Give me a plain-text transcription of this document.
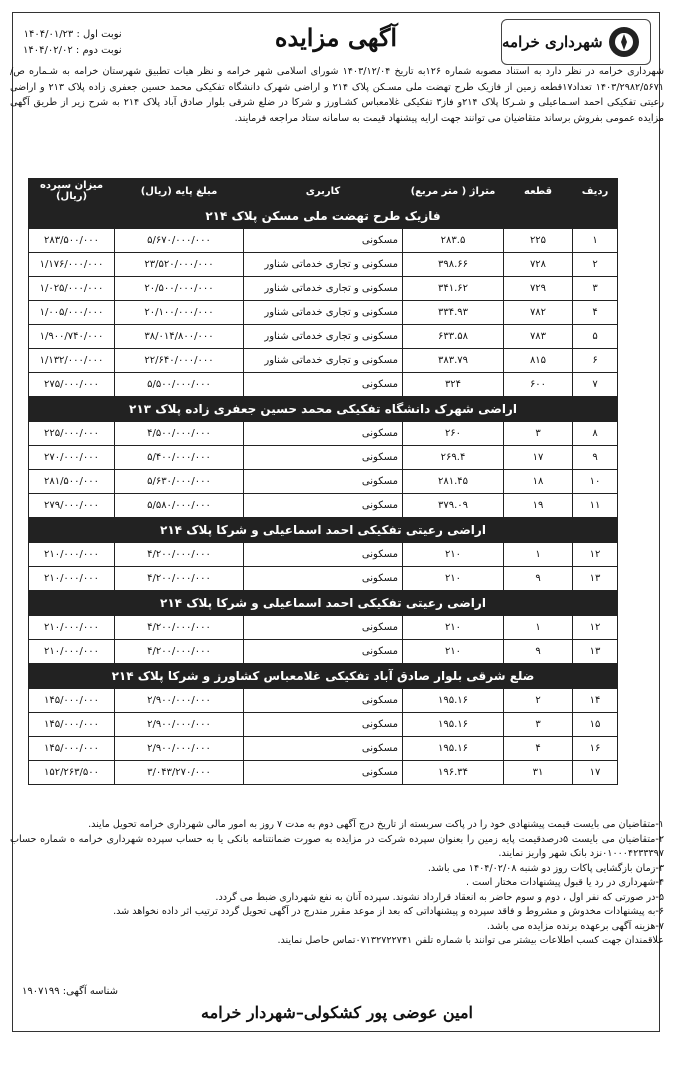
نوبت اول : ۱۴۰۴/۰۱/۲۳
نوبت دوم : ۱۴۰۴/۰۲/۰۲	آگهی مزایده	شهرداری خرامه
شهرداری خرامه در نظر دارد به استناد مصوبه شماره ۱۲۶به تاریخ ۱۴۰۳/۱۲/۰۴ شورای اسلامی شهر خرامه و نظر هیات تطبیق شهرستان خرامه به شـماره ص/۱۴۰۳/۲۹۸۲/۵۶۷۱ تعداد۱۷قطعه زمین از فازیک طرح تهضت ملی مسـکن پلاک ۲۱۴ و اراضی شهرک دانشگاه تفکیکی محمد حسین جعفری زاده پلاک ۲۱۳ و اراضی رعیتی تفکیکی احمد اسـماعیلی و شـرکا پلاک ۲۱۴و فاز۳ تفکیکی غلامعباس کشـاورز و شرکا در ضلع شرقی بلوار صادق آباد پلاک ۲۱۴ به شرح زیر از طریق آگهی مزایده عمومی بفروش برساند متقاضیان می توانند جهت ارایه پیشنهاد قیمت به سامانه ستاد مراجعه فرمایند.
ردیف	قطعه	متراژ ( متر مربع)	کاربری	مبلغ پایه (ریال)	میزان سپرده (ریال)
فازیک طرح تهضت ملی مسکن پلاک ۲۱۴					
۱	۲۲۵	۲۸۳.۵	مسکونی	۵/۶۷۰/۰۰۰/۰۰۰	۲۸۳/۵۰۰/۰۰۰
۲	۷۲۸	۳۹۸.۶۶	مسکونی و تجاری خدماتی شناور	۲۳/۵۲۰/۰۰۰/۰۰۰	۱/۱۷۶/۰۰۰/۰۰۰
۳	۷۲۹	۳۴۱.۶۲	مسکونی و تجاری خدماتی شناور	۲۰/۵۰۰/۰۰۰/۰۰۰	۱/۰۲۵/۰۰۰/۰۰۰
۴	۷۸۲	۳۳۴.۹۳	مسکونی و تجاری خدماتی شناور	۲۰/۱۰۰/۰۰۰/۰۰۰	۱/۰۰۵/۰۰۰/۰۰۰
۵	۷۸۳	۶۳۳.۵۸	مسکونی و تجاری خدماتی شناور	۳۸/۰۱۴/۸۰۰/۰۰۰	۱/۹۰۰/۷۴۰/۰۰۰
۶	۸۱۵	۳۸۳.۷۹	مسکونی و تجاری خدماتی شناور	۲۲/۶۴۰/۰۰۰/۰۰۰	۱/۱۳۲/۰۰۰/۰۰۰
۷	۶۰۰	۳۲۴	مسکونی	۵/۵۰۰/۰۰۰/۰۰۰	۲۷۵/۰۰۰/۰۰۰
اراضی شهرک دانشگاه تفکیکی محمد حسین جعفری زاده پلاک ۲۱۳					
۸	۳	۲۶۰	مسکونی	۴/۵۰۰/۰۰۰/۰۰۰	۲۲۵/۰۰۰/۰۰۰
۹	۱۷	۲۶۹.۴	مسکونی	۵/۴۰۰/۰۰۰/۰۰۰	۲۷۰/۰۰۰/۰۰۰
۱۰	۱۸	۲۸۱.۴۵	مسکونی	۵/۶۳۰/۰۰۰/۰۰۰	۲۸۱/۵۰۰/۰۰۰
۱۱	۱۹	۳۷۹.۰۹	مسکونی	۵/۵۸۰/۰۰۰/۰۰۰	۲۷۹/۰۰۰/۰۰۰
اراضی رعیتی تفکیکی احمد اسماعیلی و شرکا پلاک ۲۱۴					
۱۲	۱	۲۱۰	مسکونی	۴/۲۰۰/۰۰۰/۰۰۰	۲۱۰/۰۰۰/۰۰۰
۱۳	۹	۲۱۰	مسکونی	۴/۲۰۰/۰۰۰/۰۰۰	۲۱۰/۰۰۰/۰۰۰
اراضی رعیتی تفکیکی احمد اسماعیلی و شرکا پلاک ۲۱۴					
۱۲	۱	۲۱۰	مسکونی	۴/۲۰۰/۰۰۰/۰۰۰	۲۱۰/۰۰۰/۰۰۰
۱۳	۹	۲۱۰	مسکونی	۴/۲۰۰/۰۰۰/۰۰۰	۲۱۰/۰۰۰/۰۰۰
ضلع شرقی بلوار صادق آباد تفکیکی غلامعباس کشاورز و شرکا پلاک ۲۱۴					
۱۴	۲	۱۹۵.۱۶	مسکونی	۲/۹۰۰/۰۰۰/۰۰۰	۱۴۵/۰۰۰/۰۰۰
۱۵	۳	۱۹۵.۱۶	مسکونی	۲/۹۰۰/۰۰۰/۰۰۰	۱۴۵/۰۰۰/۰۰۰
۱۶	۴	۱۹۵.۱۶	مسکونی	۲/۹۰۰/۰۰۰/۰۰۰	۱۴۵/۰۰۰/۰۰۰
۱۷	۳۱	۱۹۶.۳۴	مسکونی	۳/۰۴۳/۲۷۰/۰۰۰	۱۵۲/۲۶۳/۵۰۰

۱-متقاضیان می بایست قیمت پیشنهادی خود را در پاکت سربسته از تاریخ درج آگهی دوم به مدت ۷ روز به امور مالی شهرداری خرامه تحویل مایند.

۲-متقاضیان می بایست ۵درصدقیمت پایه زمین را بعنوان سپرده شرکت در مزایده به صورت ضمانتنامه بانکی یا به حساب سپرده شهرداری خرامه ه شماره حساب ۰۱۰۰۰۴۲۳۳۳۹۷نزد بانک شهر واریز نمایند.

۳-زمان بازگشایی پاکات روز دو شنبه ۱۴۰۴/۰۲/۰۸ می باشد.

۴-شهرداری در رد یا قبول پیشنهادات مختار است .

۵-در صورتی که نفر اول ، دوم و سوم حاضر به انعقاد قرارداد نشوند. سپرده آنان به نفع شهرداری ضبط می گردد.

۶-به پیشنهادات مخدوش و مشروط و فاقد سپرده و پیشنهاداتی که بعد از موعد مقرر مندرج در آگهی تحویل گردد ترتیب اثر داده نخواهد شد.

۷-هزینه آگهی برعهده برنده مزایده می باشد.

علاقمندان جهت کسب اطلاعات بیشتر می توانند با شماره تلفن ۰۷۱۳۲۷۲۲۷۴۱تماس حاصل نمایند.

شناسه آگهی: ۱۹۰۷۱۹۹
امین عوضی پور کشکولی–شهردار خرامه
